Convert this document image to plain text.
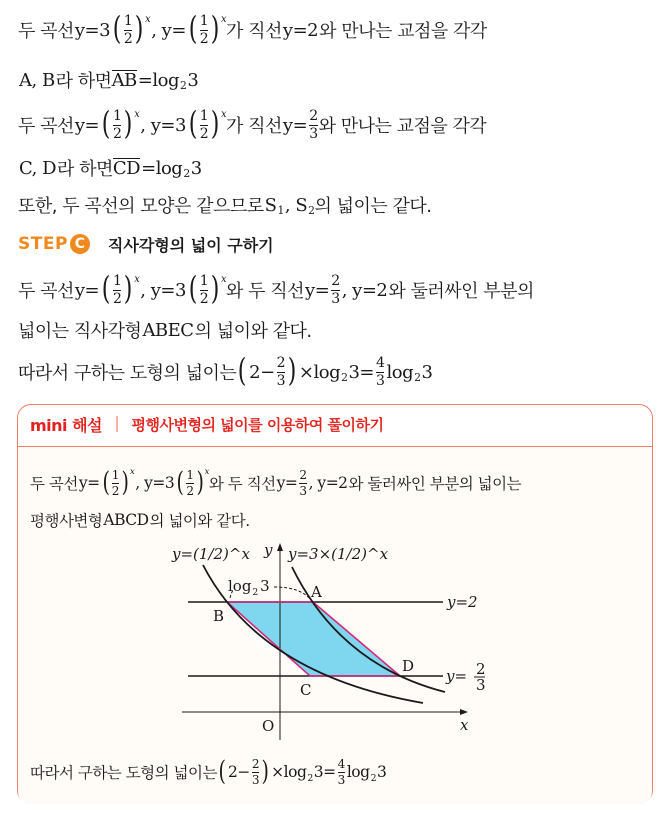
두 곡선 y=3 ( $\frac{1}{2}$ ) x , y= ( $\frac{1}{2}$ ) x
가 직선 y=2 와 만나는 교점을 각각
A, B 라 하면 AB =log 2 3
두 곡선 y= ( $\frac{1}{2}$ ) x , y=3 ( $\frac{1}{2}$ ) x
가 직선 $y= \frac{2}{3}$ 와 만나는 교점을 각각
C, D 라 하면 CD =log 2 3
또한, 두 곡선의 모양은 같으므로 S 1 , S 2 의 넓이는 같다.
STEP C	직사각형의 넓이 구하기
두 곡선 y= ( $\frac{1}{2}$ ) x , y=3 ( $\frac{1}{2}$ ) x
와 두 직선 $y= \frac{2}{3}$ , y=2 와 둘러싸인 부분의
넓이는 직사각형 ABEC 의 넓이와 같다.
따라서 구하는 도형의 넓이는 ( $2- \frac{2}{3}$ ) ×log 2 $3= \frac{4}{3}$ log 2 3
mini 해설 평행사변형의 넓이를 이용하여 풀이하기
두 곡선 y= ( $\frac{1}{2}$ ) x
, y=3 ( $\frac{1}{2}$ ) x
와 두 직선 $y= \frac{2}{3}$ , y=2 와 둘러싸인 부분의 넓이는
평행사변형 ABCD 의 넓이와 같다.
y=(1/2)^x	y=3×(1/2)^x
y
x
O
$\log_2 3$	A
B
C
D
y=2
y= 2
3
따라서 구하는 도형의 넓이는 ( $2- \frac{2}{3}$ ) ×log 2 $3= \frac{4}{3}$ log 2 3
